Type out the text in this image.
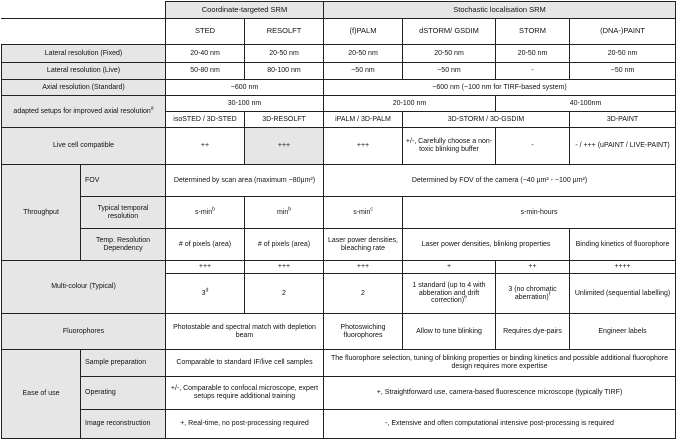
		Coordinate-targeted SRM		Stochastic localisation SRM			
		STED	RESOLFT	(f)PALM	dSTORM/ GSDIM	STORM	(DNA-)PAINT
Lateral resolution (Fixed)		20-40 nm	20-50 nm	20-50 nm	20-50 nm	20-50 nm	20-50 nm
Lateral resolution (Live)		50-80 nm	80-100 nm	~50 nm	~50 nm	-	~50 nm
Axial resolution (Standard)		~600 nm		~600 nm (~100 nm for TIRF-based system)			
adapted setups for improved axial resolution$^a$		30-100 nm		20-100 nm		40-100nm	
		isoSTED / 3D-STED	3D-RESOLFT	iPALM / 3D-PALM	3D-STORM / 3D-GSDIM		3D-PAINT
Live cell compatible		++	+++	+++	+/-, Carefully choose a non-toxic blinking buffer	-	- / +++ (uPAINT / LIVE-PAINT)
Throughput	FOV	Determined by scan area (maximum ~80µm²)		Determined by FOV of the camera (~40 µm² - ~100 µm²)			
	Typical temporal resolution	$s-\min^b$	$\min^b$	$s-\min^c$	s-min-hours		
	Temp. Resolution Dependency	# of pixels (area)	# of pixels (area)	Laser power densities, bleaching rate	Laser power densities, blinking properties		Binding kinetics of fluorophore
Multi-colour (Typical)		+++	+++	+++	+	++	++++
		3$^d$	2	2	1 standard (up to 4 with abberation and drift correction)$^e$	3 (no chromatic aberration)$^f$	Unlimited (sequential labelling)
Fluorophores		Photostable and spectral match with depletion beam		Photoswiching fluorophores	Allow to tune blinking	Requires dye-pairs	Engineer labels
Ease of use	Sample preparation	Comparable to standard IF/live cell samples		The fluorophore selection, tuning of blinking properties or binding kinetics and possible additional fluorophore design requires more expertise			
	Operating	+/-, Comparable to confocal microscope, expert setups require additional training		+, Straightforward use, camera-based fluorescence microscope (typically TIRF)			
	Image reconstruction	+, Real-time, no post-processing required		-, Extensive and often computational intensive post-processing is required			
